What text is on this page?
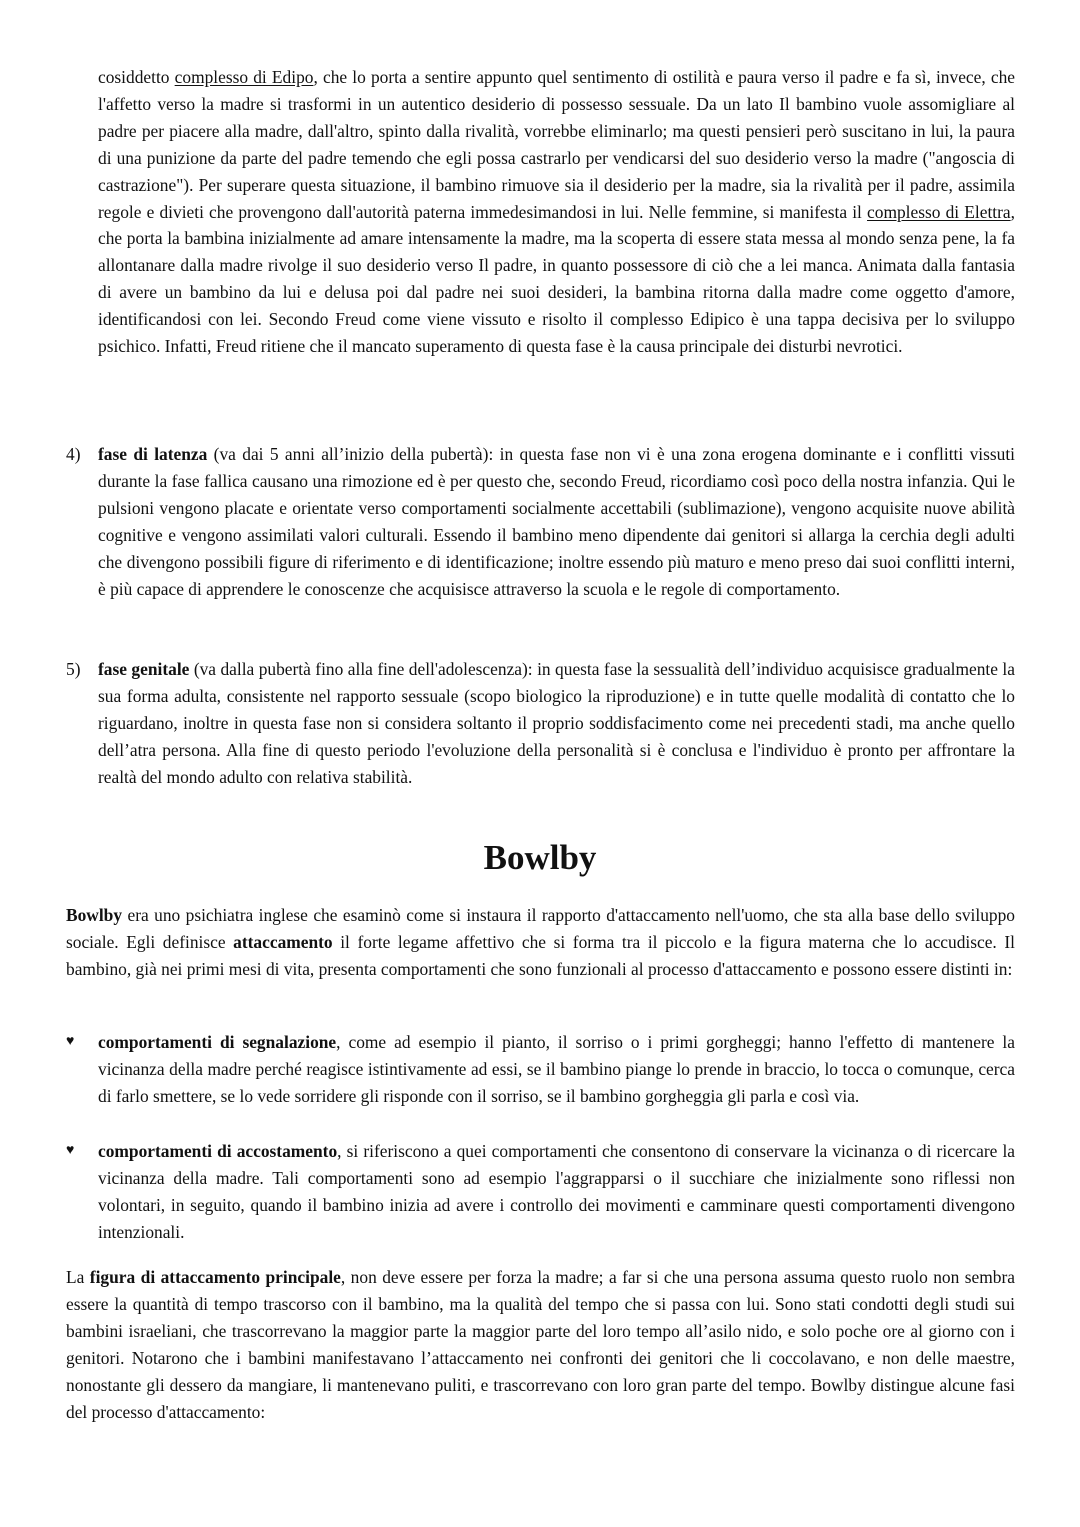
cosiddetto complesso di Edipo, che lo porta a sentire appunto quel sentimento di ostilità e paura verso il padre e fa sì, invece, che l'affetto verso la madre si trasformi in un autentico desiderio di possesso sessuale. Da un lato Il bambino vuole assomigliare al padre per piacere alla madre, dall'altro, spinto dalla rivalità, vorrebbe eliminarlo; ma questi pensieri però suscitano in lui, la paura di una punizione da parte del padre temendo che egli possa castrarlo per vendicarsi del suo desiderio verso la madre ("angoscia di castrazione"). Per superare questa situazione, il bambino rimuove sia il desiderio per la madre, sia la rivalità per il padre, assimila regole e divieti che provengono dall'autorità paterna immedesimandosi in lui. Nelle femmine, si manifesta il complesso di Elettra, che porta la bambina inizialmente ad amare intensamente la madre, ma la scoperta di essere stata messa al mondo senza pene, la fa allontanare dalla madre rivolge il suo desiderio verso Il padre, in quanto possessore di ciò che a lei manca. Animata dalla fantasia di avere un bambino da lui e delusa poi dal padre nei suoi desideri, la bambina ritorna dalla madre come oggetto d'amore, identificandosi con lei. Secondo Freud come viene vissuto e risolto il complesso Edipico è una tappa decisiva per lo sviluppo psichico. Infatti, Freud ritiene che il mancato superamento di questa fase è la causa principale dei disturbi nevrotici.

4) fase di latenza (va dai 5 anni all’inizio della pubertà): in questa fase non vi è una zona erogena dominante e i conflitti vissuti durante la fase fallica causano una rimozione ed è per questo che, secondo Freud, ricordiamo così poco della nostra infanzia. Qui le pulsioni vengono placate e orientate verso comportamenti socialmente accettabili (sublimazione), vengono acquisite nuove abilità cognitive e vengono assimilati valori culturali. Essendo il bambino meno dipendente dai genitori si allarga la cerchia degli adulti che divengono possibili figure di riferimento e di identificazione; inoltre essendo più maturo e meno preso dai suoi conflitti interni, è più capace di apprendere le conoscenze che acquisisce attraverso la scuola e le regole di comportamento.

5) fase genitale (va dalla pubertà fino alla fine dell'adolescenza): in questa fase la sessualità dell’individuo acquisisce gradualmente la sua forma adulta, consistente nel rapporto sessuale (scopo biologico la riproduzione) e in tutte quelle modalità di contatto che lo riguardano, inoltre in questa fase non si considera soltanto il proprio soddisfacimento come nei precedenti stadi, ma anche quello dell’atra persona. Alla fine di questo periodo l'evoluzione della personalità si è conclusa e l'individuo è pronto per affrontare la realtà del mondo adulto con relativa stabilità.

Bowlby

Bowlby era uno psichiatra inglese che esaminò come si instaura il rapporto d'attaccamento nell'uomo, che sta alla base dello sviluppo sociale. Egli definisce attaccamento il forte legame affettivo che si forma tra il piccolo e la figura materna che lo accudisce. Il bambino, già nei primi mesi di vita, presenta comportamenti che sono funzionali al processo d'attaccamento e possono essere distinti in:

♥ comportamenti di segnalazione, come ad esempio il pianto, il sorriso o i primi gorgheggi; hanno l'effetto di mantenere la vicinanza della madre perché reagisce istintivamente ad essi, se il bambino piange lo prende in braccio, lo tocca o comunque, cerca di farlo smettere, se lo vede sorridere gli risponde con il sorriso, se il bambino gorgheggia gli parla e così via.

♥ comportamenti di accostamento, si riferiscono a quei comportamenti che consentono di conservare la vicinanza o di ricercare la vicinanza della madre. Tali comportamenti sono ad esempio l'aggrapparsi o il succhiare che inizialmente sono riflessi non volontari, in seguito, quando il bambino inizia ad avere i controllo dei movimenti e camminare questi comportamenti divengono intenzionali.

La figura di attaccamento principale, non deve essere per forza la madre; a far si che una persona assuma questo ruolo non sembra essere la quantità di tempo trascorso con il bambino, ma la qualità del tempo che si passa con lui. Sono stati condotti degli studi sui bambini israeliani, che trascorrevano la maggior parte la maggior parte del loro tempo all’asilo nido, e solo poche ore al giorno con i genitori. Notarono che i bambini manifestavano l’attaccamento nei confronti dei genitori che li coccolavano, e non delle maestre, nonostante gli dessero da mangiare, li mantenevano puliti, e trascorrevano con loro gran parte del tempo. Bowlby distingue alcune fasi del processo d'attaccamento:
